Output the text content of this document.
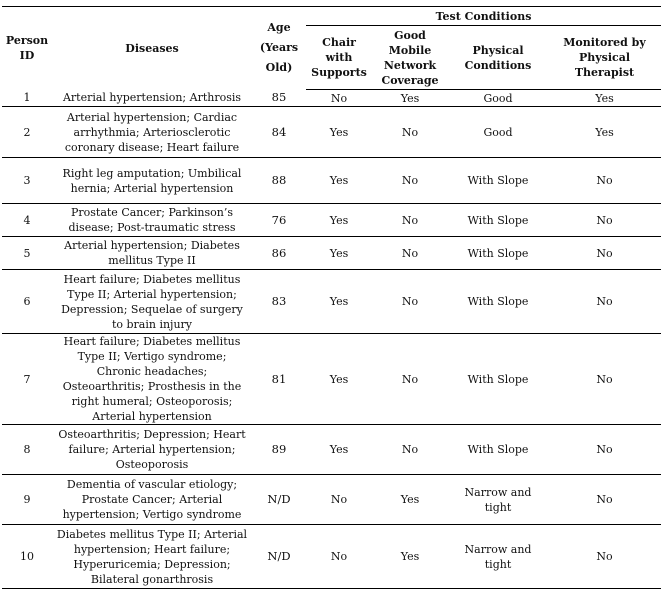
Person ID	Diseases	Age (Years Old)	Test Conditions			
			Chair with Supports	Good Mobile Network Coverage	Physical Conditions	Monitored by Physical Therapist
1	Arterial hypertension; Arthrosis	85	No	Yes	Good	Yes
2	Arterial hypertension; Cardiac arrhythmia; Arteriosclerotic coronary disease; Heart failure	84	Yes	No	Good	Yes
3	Right leg amputation; Umbilical hernia; Arterial hypertension	88	Yes	No	With Slope	No
4	Prostate Cancer; Parkinson’s disease; Post-traumatic stress	76	Yes	No	With Slope	No
5	Arterial hypertension; Diabetes mellitus Type II	86	Yes	No	With Slope	No
6	Heart failure; Diabetes mellitus Type II; Arterial hypertension; Depression; Sequelae of surgery to brain injury	83	Yes	No	With Slope	No
7	Heart failure; Diabetes mellitus Type II; Vertigo syndrome; Chronic headaches; Osteoarthritis; Prosthesis in the right humeral; Osteoporosis; Arterial hypertension	81	Yes	No	With Slope	No
8	Osteoarthritis; Depression; Heart failure; Arterial hypertension; Osteoporosis	89	Yes	No	With Slope	No
9	Dementia of vascular etiology; Prostate Cancer; Arterial hypertension; Vertigo syndrome	N/D	No	Yes	Narrow and tight	No
10	Diabetes mellitus Type II; Arterial hypertension; Heart failure; Hyperuricemia; Depression; Bilateral gonarthrosis	N/D	No	Yes	Narrow and tight	No
